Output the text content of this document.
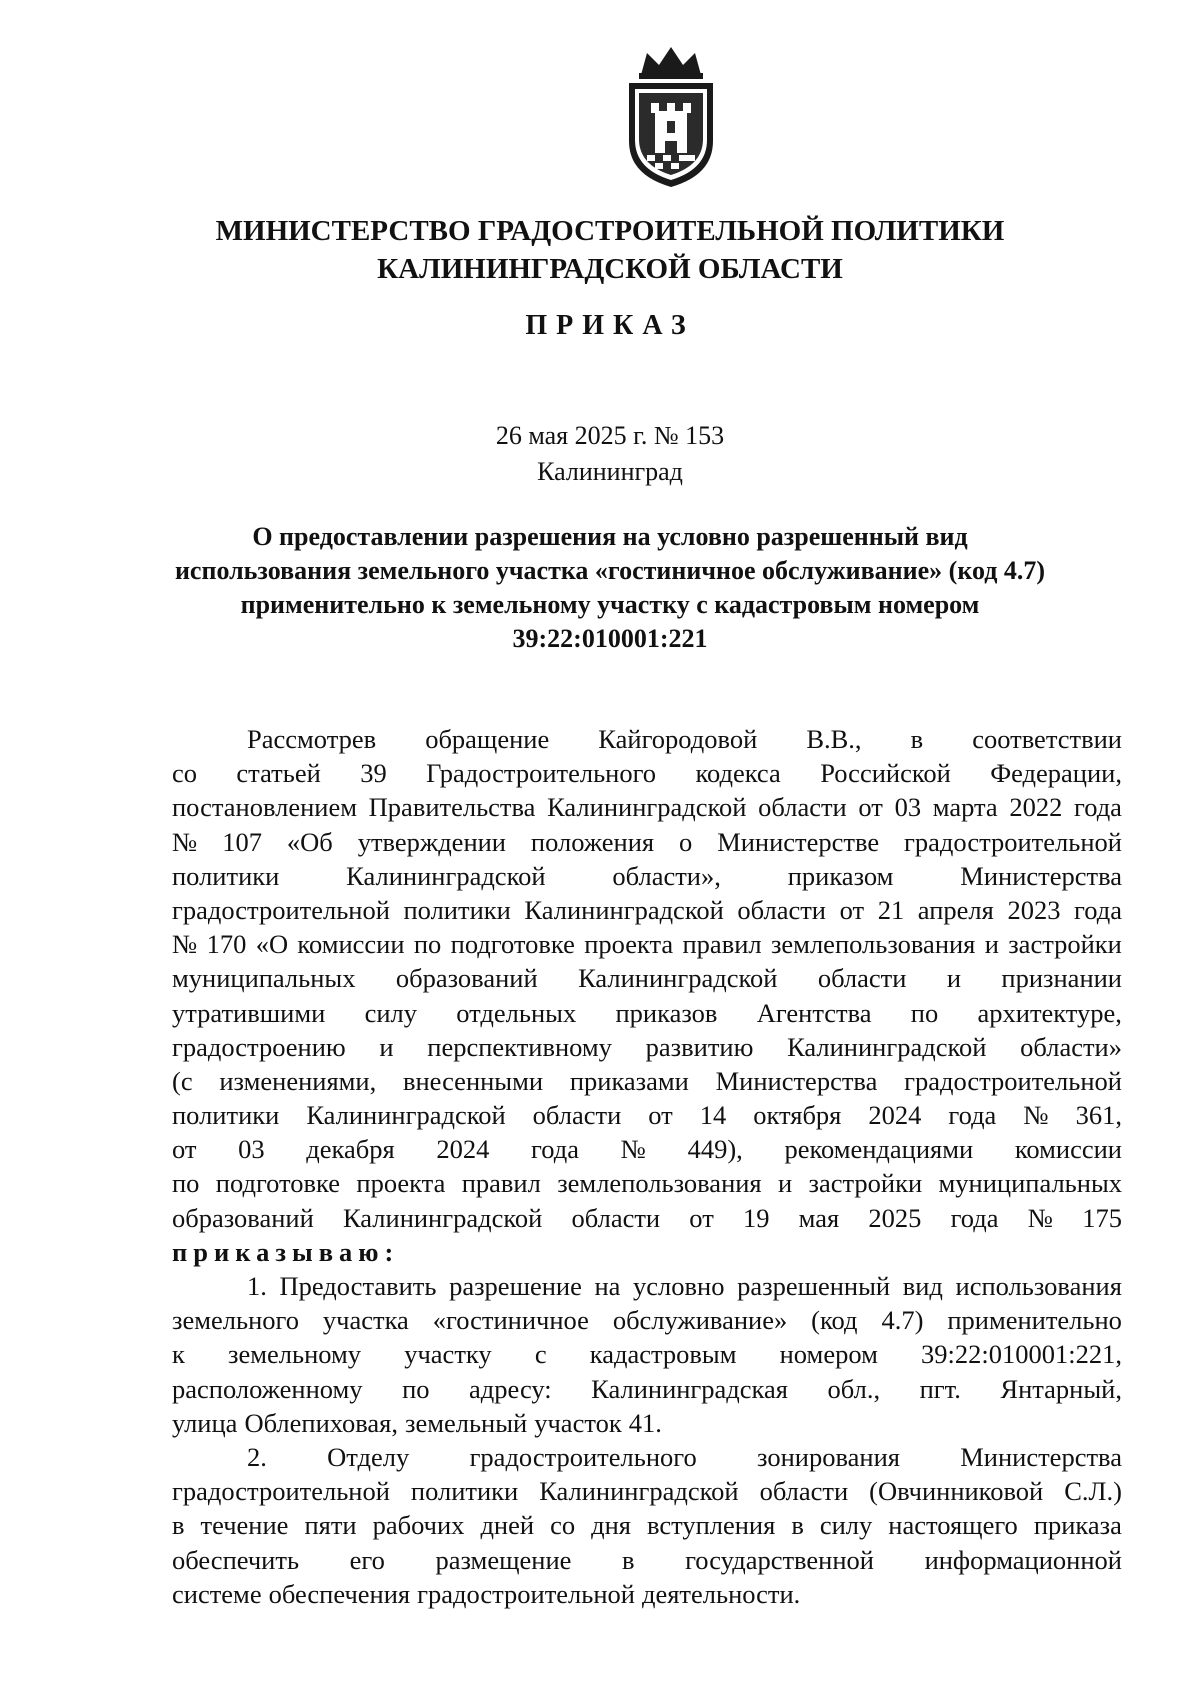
МИНИСТЕРСТВО ГРАДОСТРОИТЕЛЬНОЙ ПОЛИТИКИ
КАЛИНИНГРАДСКОЙ ОБЛАСТИ
ПРИКАЗ
26 мая 2025 г. № 153
Калининград
О предоставлении разрешения на условно разрешенный вид
использования земельного участка «гостиничное обслуживание» (код 4.7)
применительно к земельному участку с кадастровым номером
39:22:010001:221
Рассмотрев обращение Кайгородовой В.В., в соответствии
со статьей 39 Градостроительного кодекса Российской Федерации,
постановлением Правительства Калининградской области от 03 марта 2022 года
№ 107 «Об утверждении положения о Министерстве градостроительной
политики	Калининградской	области»,	приказом	Министерства
градостроительной политики Калининградской области от 21 апреля 2023 года
№ 170 «О комиссии по подготовке проекта правил землепользования и застройки
муниципальных образований Калининградской области и признании
утратившими силу отдельных приказов Агентства по архитектуре,
градостроению и перспективному развитию Калининградской области»
(с изменениями, внесенными приказами Министерства градостроительной
политики Калининградской области от 14 октября 2024 года № 361,
от 03 декабря 2024 года № 449), рекомендациями комиссии
по подготовке проекта правил землепользования и застройки муниципальных
образований Калининградской области от 19 мая 2025 года № 175
приказываю:
1. Предоставить разрешение на условно разрешенный вид использования
земельного участка «гостиничное обслуживание» (код 4.7) применительно
к земельному участку с кадастровым номером 39:22:010001:221,
расположенному по адресу: Калининградская обл., пгт. Янтарный,
улица Облепиховая, земельный участок 41.
2. Отделу градостроительного зонирования Министерства
градостроительной политики Калининградской области (Овчинниковой С.Л.)
в течение пяти рабочих дней со дня вступления в силу настоящего приказа
обеспечить его размещение в государственной информационной
системе обеспечения градостроительной деятельности.
